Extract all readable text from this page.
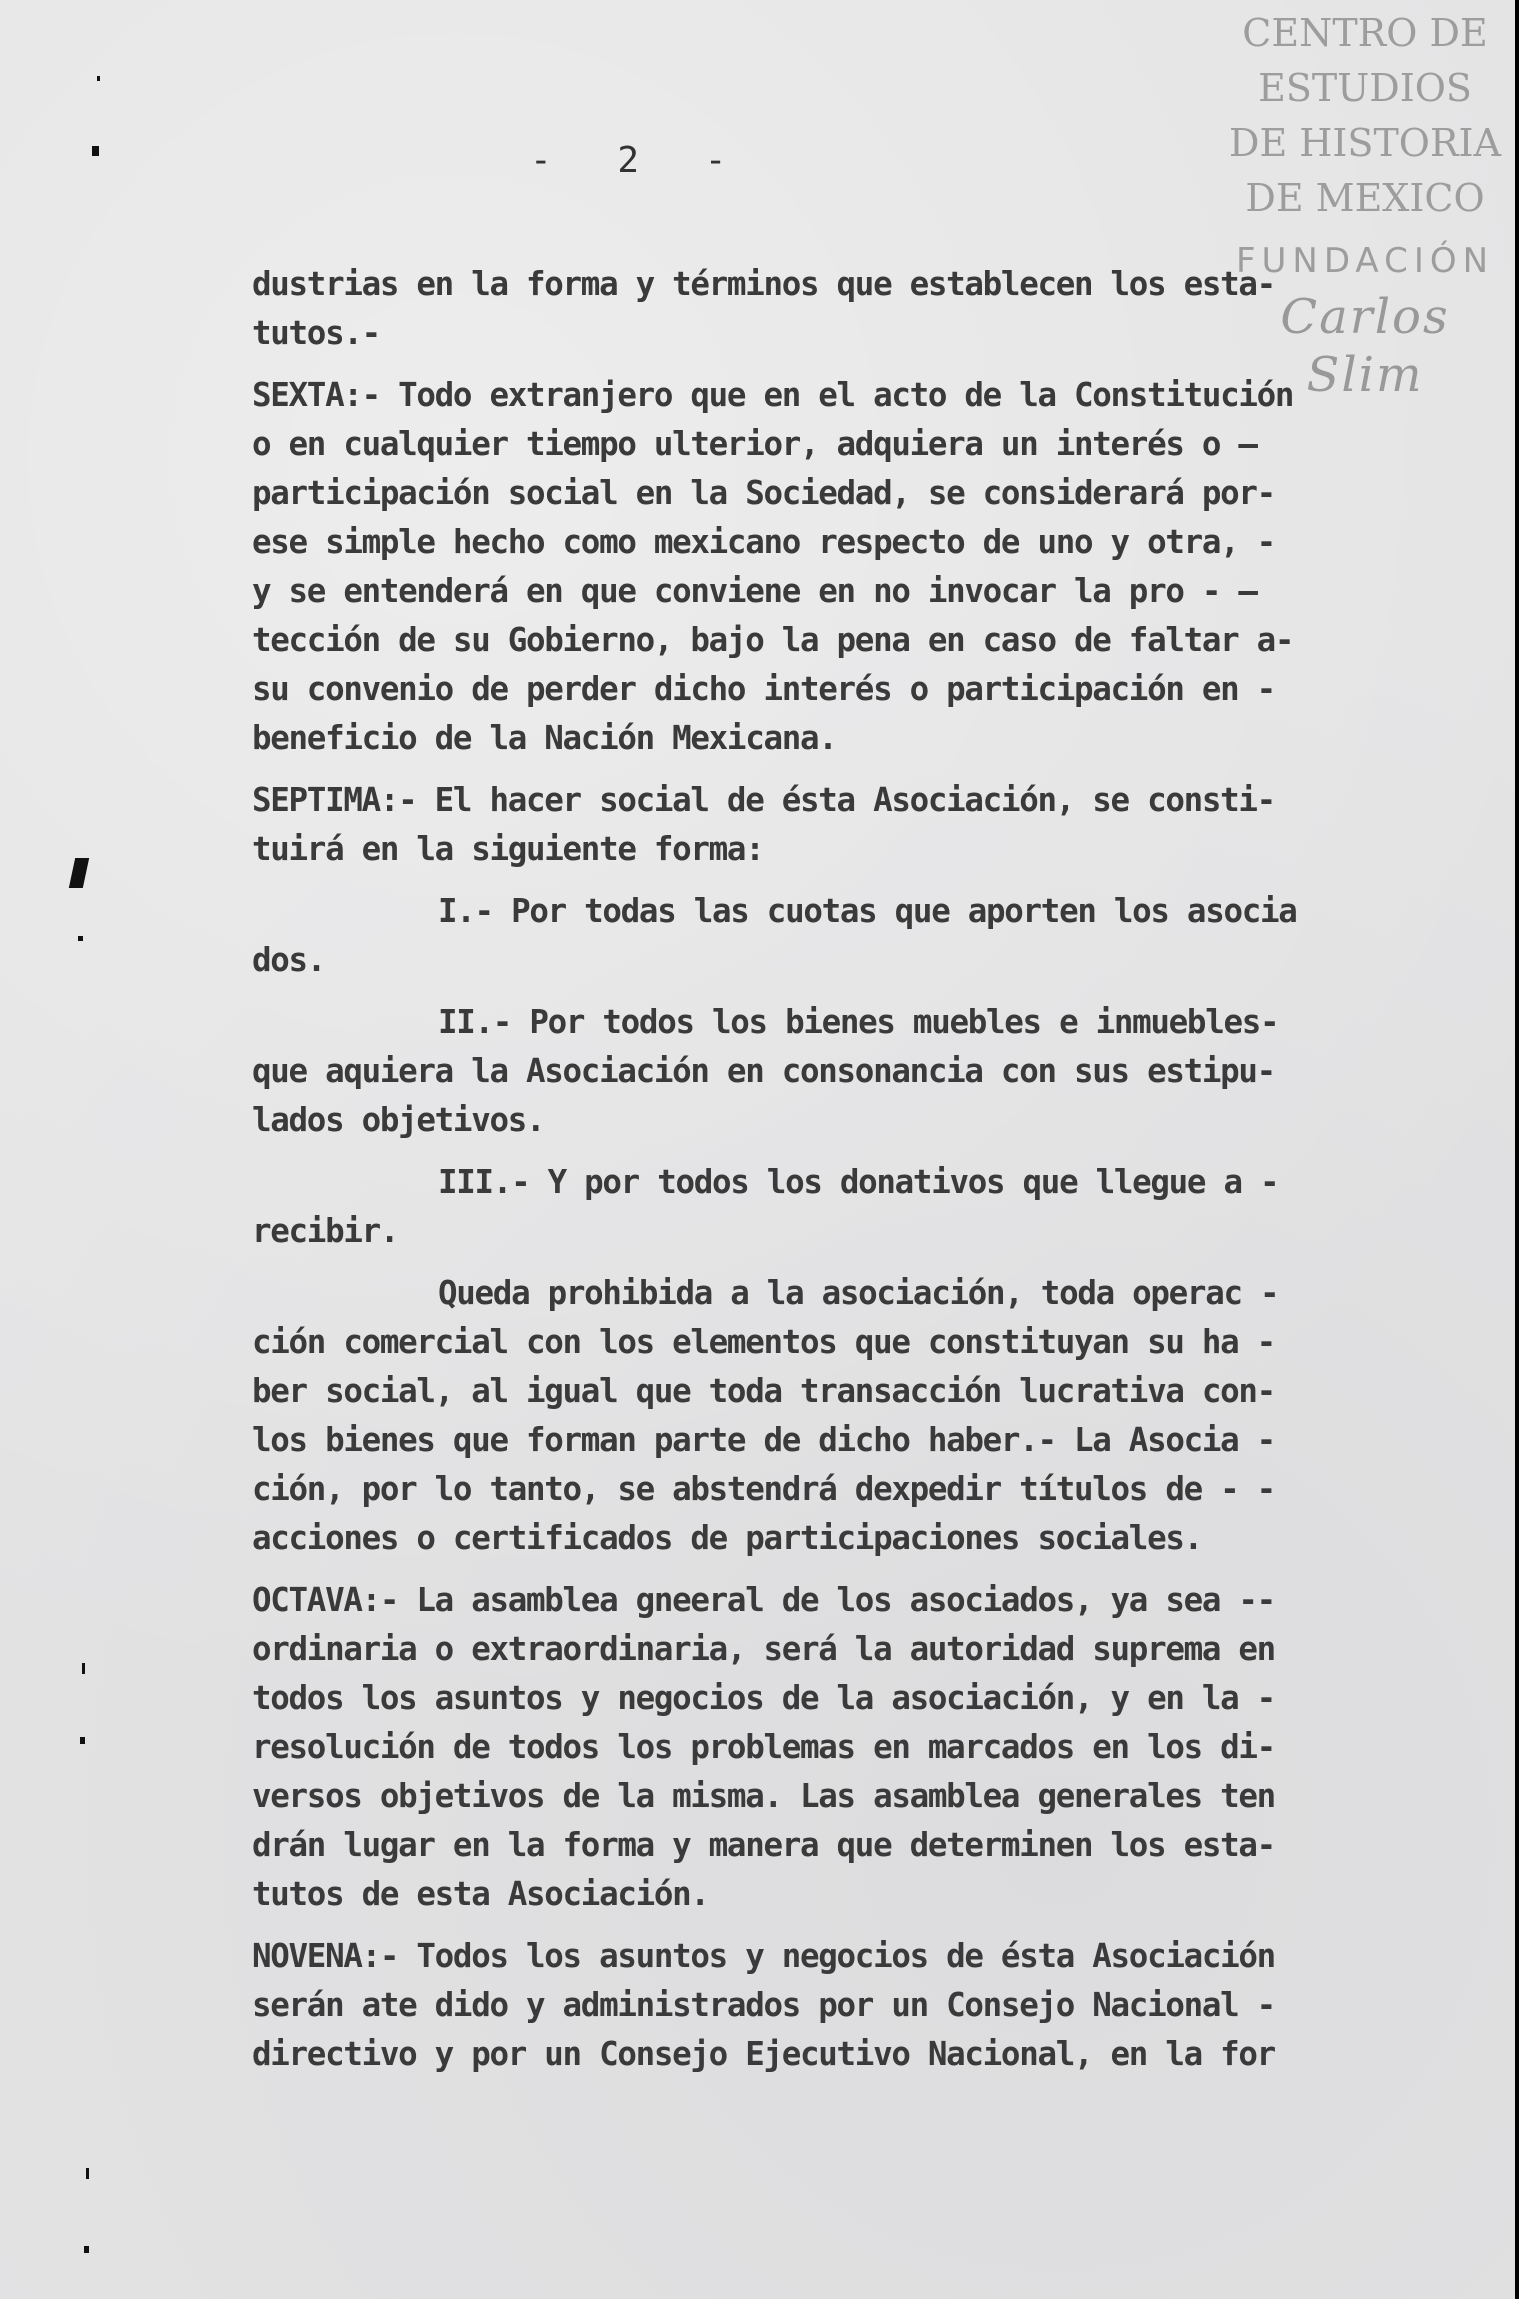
CENTRO DE
ESTUDIOS
DE HISTORIA
DE MEXICO
FUNDACIÓN
Carlos Slim
- 2 -
dustrias en la forma y términos que establecen los esta-
tutos.-
SEXTA:- Todo extranjero que en el acto de la Constitución
o en cualquier tiempo ulterior, adquiera un interés o —
participación social en la Sociedad, se considerará por-
ese simple hecho como mexicano respecto de uno y otra, -
y se entenderá en que conviene en no invocar la pro - —
tección de su Gobierno, bajo la pena en caso de faltar a-
su convenio de perder dicho interés o participación en -
beneficio de la Nación Mexicana.
SEPTIMA:- El hacer social de ésta Asociación, se consti-
tuirá en la siguiente forma:
I.- Por todas las cuotas que aporten los asocia
dos.
II.- Por todos los bienes muebles e inmuebles-
que aquiera la Asociación en consonancia con sus estipu-
lados objetivos.
III.- Y por todos los donativos que llegue a -
recibir.
Queda prohibida a la asociación, toda operac -
ción comercial con los elementos que constituyan su ha -
ber social, al igual que toda transacción lucrativa con-
los bienes que forman parte de dicho haber.- La Asocia -
ción, por lo tanto, se abstendrá dexpedir títulos de - -
acciones o certificados de participaciones sociales.
OCTAVA:- La asamblea gneeral de los asociados, ya sea --
ordinaria o extraordinaria, será la autoridad suprema en
todos los asuntos y negocios de la asociación, y en la -
resolución de todos los problemas en marcados en los di-
versos objetivos de la misma. Las asamblea generales ten
drán lugar en la forma y manera que determinen los esta-
tutos de esta Asociación.
NOVENA:- Todos los asuntos y negocios de ésta Asociación
serán ate dido y administrados por un Consejo Nacional -
directivo y por un Consejo Ejecutivo Nacional, en la for
